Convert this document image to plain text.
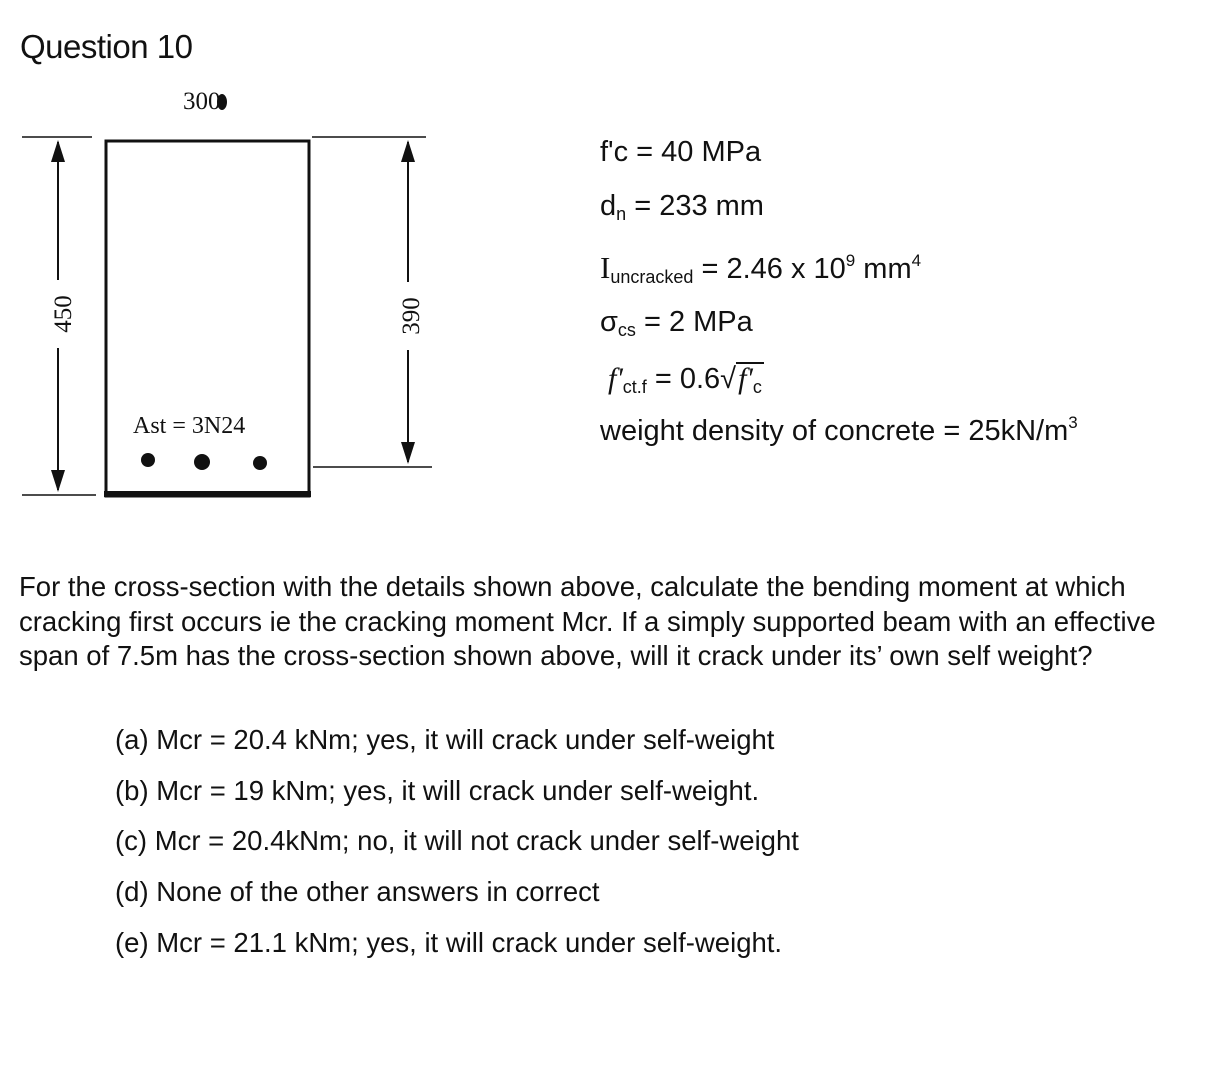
Question 10
300
Ast = 3N24
450	390
f'c = 40 MPa
$d_n = 233$ mm
$I_{uncracked} = 2.46$ x $10^9$ $mm^4$
$\sigma_{cs} = 2$ MPa
$f'_{ct.f} = 0.6√f'_c$
weight density of concrete = $25kN/m^3$
For the cross-section with the details shown above, calculate the bending moment at which cracking first occurs ie the cracking moment Mcr. If a simply supported beam with an effective span of 7.5m has the cross-section shown above, will it crack under its’ own self weight?
(a) Mcr = 20.4 kNm; yes, it will crack under self-weight
(b) Mcr = 19 kNm; yes, it will crack under self-weight.
(c) Mcr = 20.4kNm; no, it will not crack under self-weight
(d) None of the other answers in correct
(e) Mcr = 21.1 kNm; yes, it will crack under self-weight.
